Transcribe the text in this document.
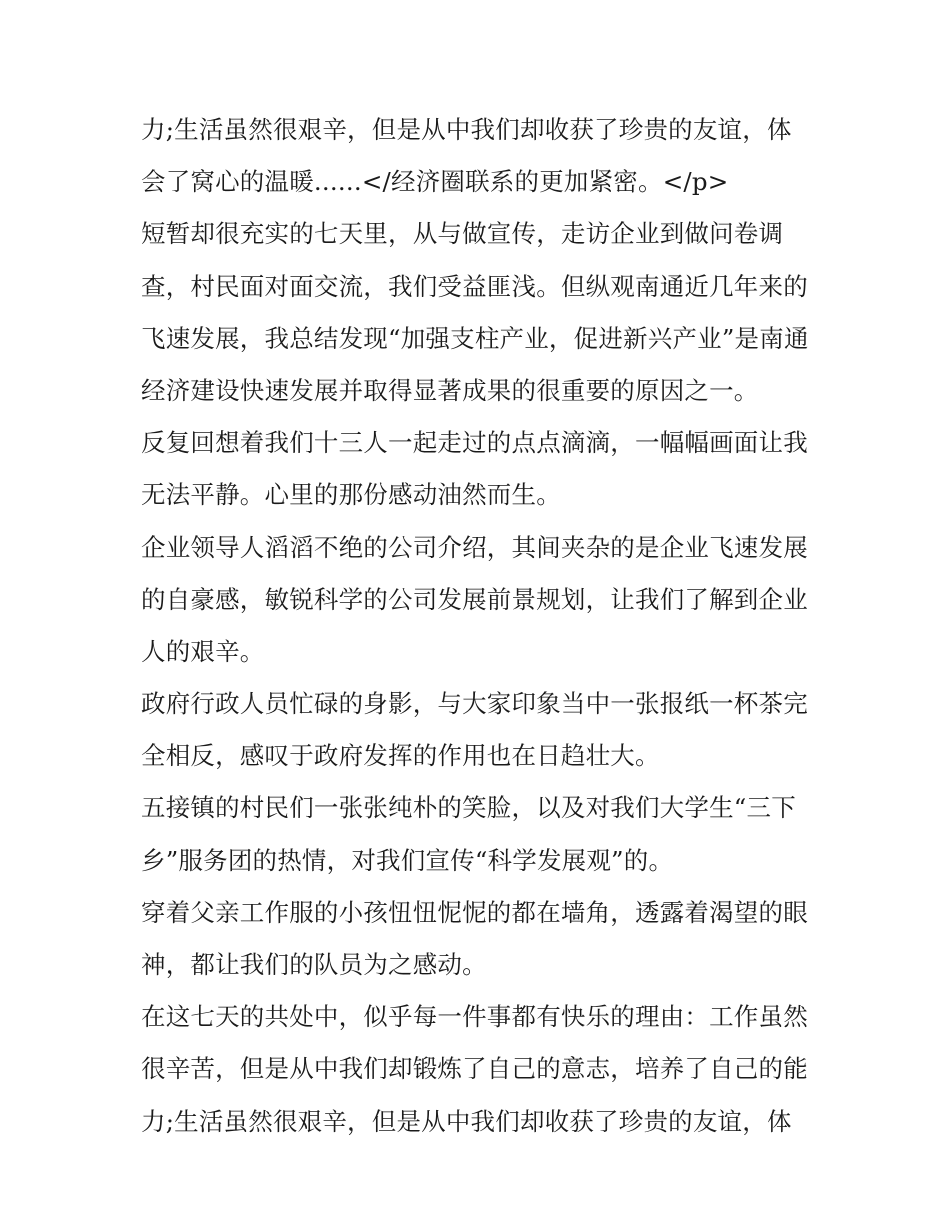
力;生活虽然很艰辛，但是从中我们却收获了珍贵的友谊，体
会了窝心的温暖......</经济圈联系的更加紧密。</p>
短暂却很充实的七天里，从与做宣传，走访企业到做问卷调
查，村民面对面交流，我们受益匪浅。但纵观南通近几年来的
飞速发展，我总结发现“加强支柱产业，促进新兴产业”是南通
经济建设快速发展并取得显著成果的很重要的原因之一。
反复回想着我们十三人一起走过的点点滴滴，一幅幅画面让我
无法平静。心里的那份感动油然而生。
企业领导人滔滔不绝的公司介绍，其间夹杂的是企业飞速发展
的自豪感，敏锐科学的公司发展前景规划，让我们了解到企业
人的艰辛。
政府行政人员忙碌的身影，与大家印象当中一张报纸一杯茶完
全相反，感叹于政府发挥的作用也在日趋壮大。
五接镇的村民们一张张纯朴的笑脸，以及对我们大学生“三下
乡”服务团的热情，对我们宣传“科学发展观”的。
穿着父亲工作服的小孩忸忸怩怩的都在墙角，透露着渴望的眼
神，都让我们的队员为之感动。
在这七天的共处中，似乎每一件事都有快乐的理由：工作虽然
很辛苦，但是从中我们却锻炼了自己的意志，培养了自己的能
力;生活虽然很艰辛，但是从中我们却收获了珍贵的友谊，体
